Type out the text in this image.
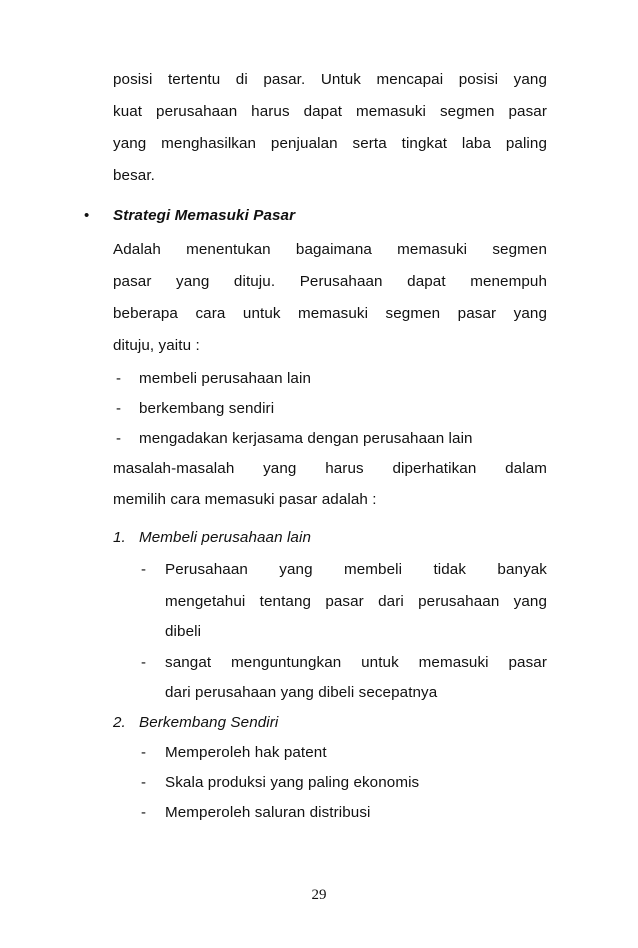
posisi tertentu di pasar. Untuk mencapai posisi yang
kuat perusahaan harus dapat memasuki segmen pasar
yang menghasilkan penjualan serta tingkat laba paling
besar.
• Strategi Memasuki Pasar
Adalah menentukan bagaimana memasuki segmen
pasar yang dituju. Perusahaan dapat menempuh
beberapa cara untuk memasuki segmen pasar yang
dituju, yaitu :
- membeli perusahaan lain
- berkembang sendiri
- mengadakan kerjasama dengan perusahaan lain
masalah-masalah yang harus diperhatikan dalam
memilih cara memasuki pasar adalah :
1. Membeli perusahaan lain
- Perusahaan yang membeli tidak banyak
mengetahui tentang pasar dari perusahaan yang
dibeli
- sangat menguntungkan untuk memasuki pasar
dari perusahaan yang dibeli secepatnya
2. Berkembang Sendiri
- Memperoleh hak patent
- Skala produksi yang paling ekonomis
- Memperoleh saluran distribusi
29
